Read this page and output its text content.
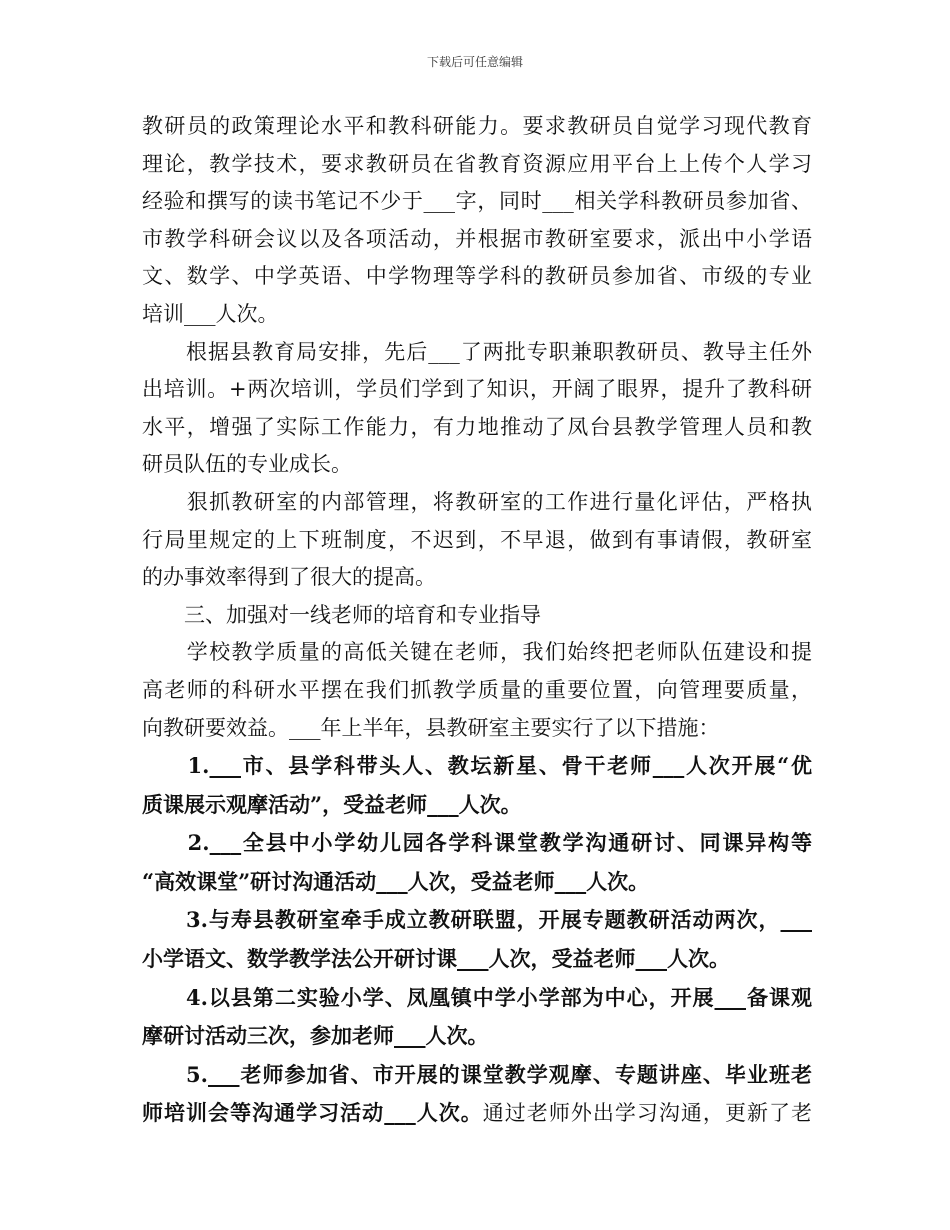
下载后可任意编辑
教研员的政策理论水平和教科研能力。要求教研员自觉学习现代教育
理论，教学技术，要求教研员在省教育资源应用平台上上传个人学习
经验和撰写的读书笔记不少于___字，同时___相关学科教研员参加省、
市教学科研会议以及各项活动，并根据市教研室要求，派出中小学语
文、数学、中学英语、中学物理等学科的教研员参加省、市级的专业
培训___人次。
　　根据县教育局安排，先后___了两批专职兼职教研员、教导主任外
出培训。+两次培训，学员们学到了知识，开阔了眼界，提升了教科研
水平，增强了实际工作能力，有力地推动了凤台县教学管理人员和教
研员队伍的专业成长。
　　狠抓教研室的内部管理，将教研室的工作进行量化评估，严格执
行局里规定的上下班制度，不迟到，不早退，做到有事请假，教研室
的办事效率得到了很大的提高。
　　三、加强对一线老师的培育和专业指导
　　学校教学质量的高低关键在老师，我们始终把老师队伍建设和提
高老师的科研水平摆在我们抓教学质量的重要位置，向管理要质量，
向教研要效益。___年上半年，县教研室主要实行了以下措施：
　　1.___市、县学科带头人、教坛新星、骨干老师___人次开展“优
质课展示观摩活动”，受益老师___人次。
　　2.___全县中小学幼儿园各学科课堂教学沟通研讨、同课异构等
“高效课堂”研讨沟通活动___人次，受益老师___人次。
　　3.与寿县教研室牵手成立教研联盟，开展专题教研活动两次，___
小学语文、数学教学法公开研讨课___人次，受益老师___人次。
　　4.以县第二实验小学、凤凰镇中学小学部为中心，开展___备课观
摩研讨活动三次，参加老师___人次。
　　5.___老师参加省、市开展的课堂教学观摩、专题讲座、毕业班老
师培训会等沟通学习活动___人次。通过老师外出学习沟通，更新了老
